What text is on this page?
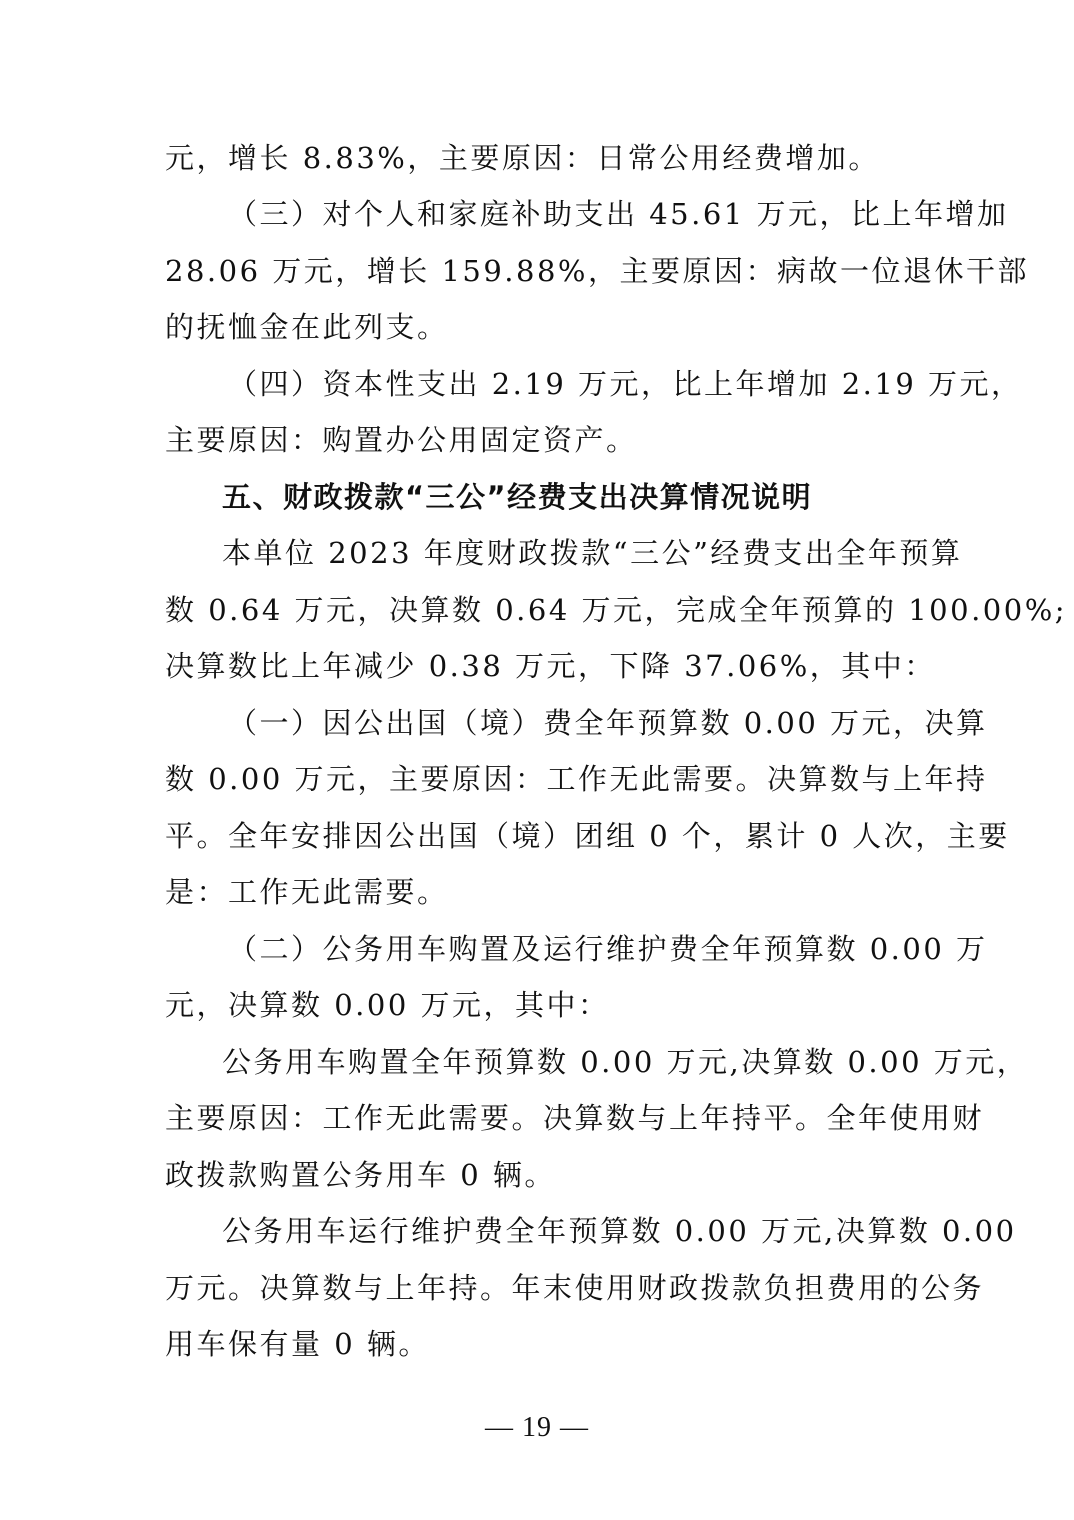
元，增长 8.83%，主要原因：日常公用经费增加。
（三）对个人和家庭补助支出 45.61 万元，比上年增加
28.06 万元，增长 159.88%，主要原因：病故一位退休干部
的抚恤金在此列支。
（四）资本性支出 2.19 万元，比上年增加 2.19 万元，
主要原因：购置办公用固定资产。
五、财政拨款“三公”经费支出决算情况说明
本单位 2023 年度财政拨款“三公”经费支出全年预算
数 0.64 万元，决算数 0.64 万元，完成全年预算的 100.00%;
决算数比上年减少 0.38 万元，下降 37.06%，其中：
（一）因公出国（境）费全年预算数 0.00 万元，决算
数 0.00 万元，主要原因：工作无此需要。决算数与上年持
平。全年安排因公出国（境）团组 0 个，累计 0 人次，主要
是：工作无此需要。
（二）公务用车购置及运行维护费全年预算数 0.00 万
元，决算数 0.00 万元，其中：
公务用车购置全年预算数 0.00 万元,决算数 0.00 万元，
主要原因：工作无此需要。决算数与上年持平。全年使用财
政拨款购置公务用车 0 辆。
公务用车运行维护费全年预算数 0.00 万元,决算数 0.00
万元。决算数与上年持。年末使用财政拨款负担费用的公务
用车保有量 0 辆。
— 19 —
